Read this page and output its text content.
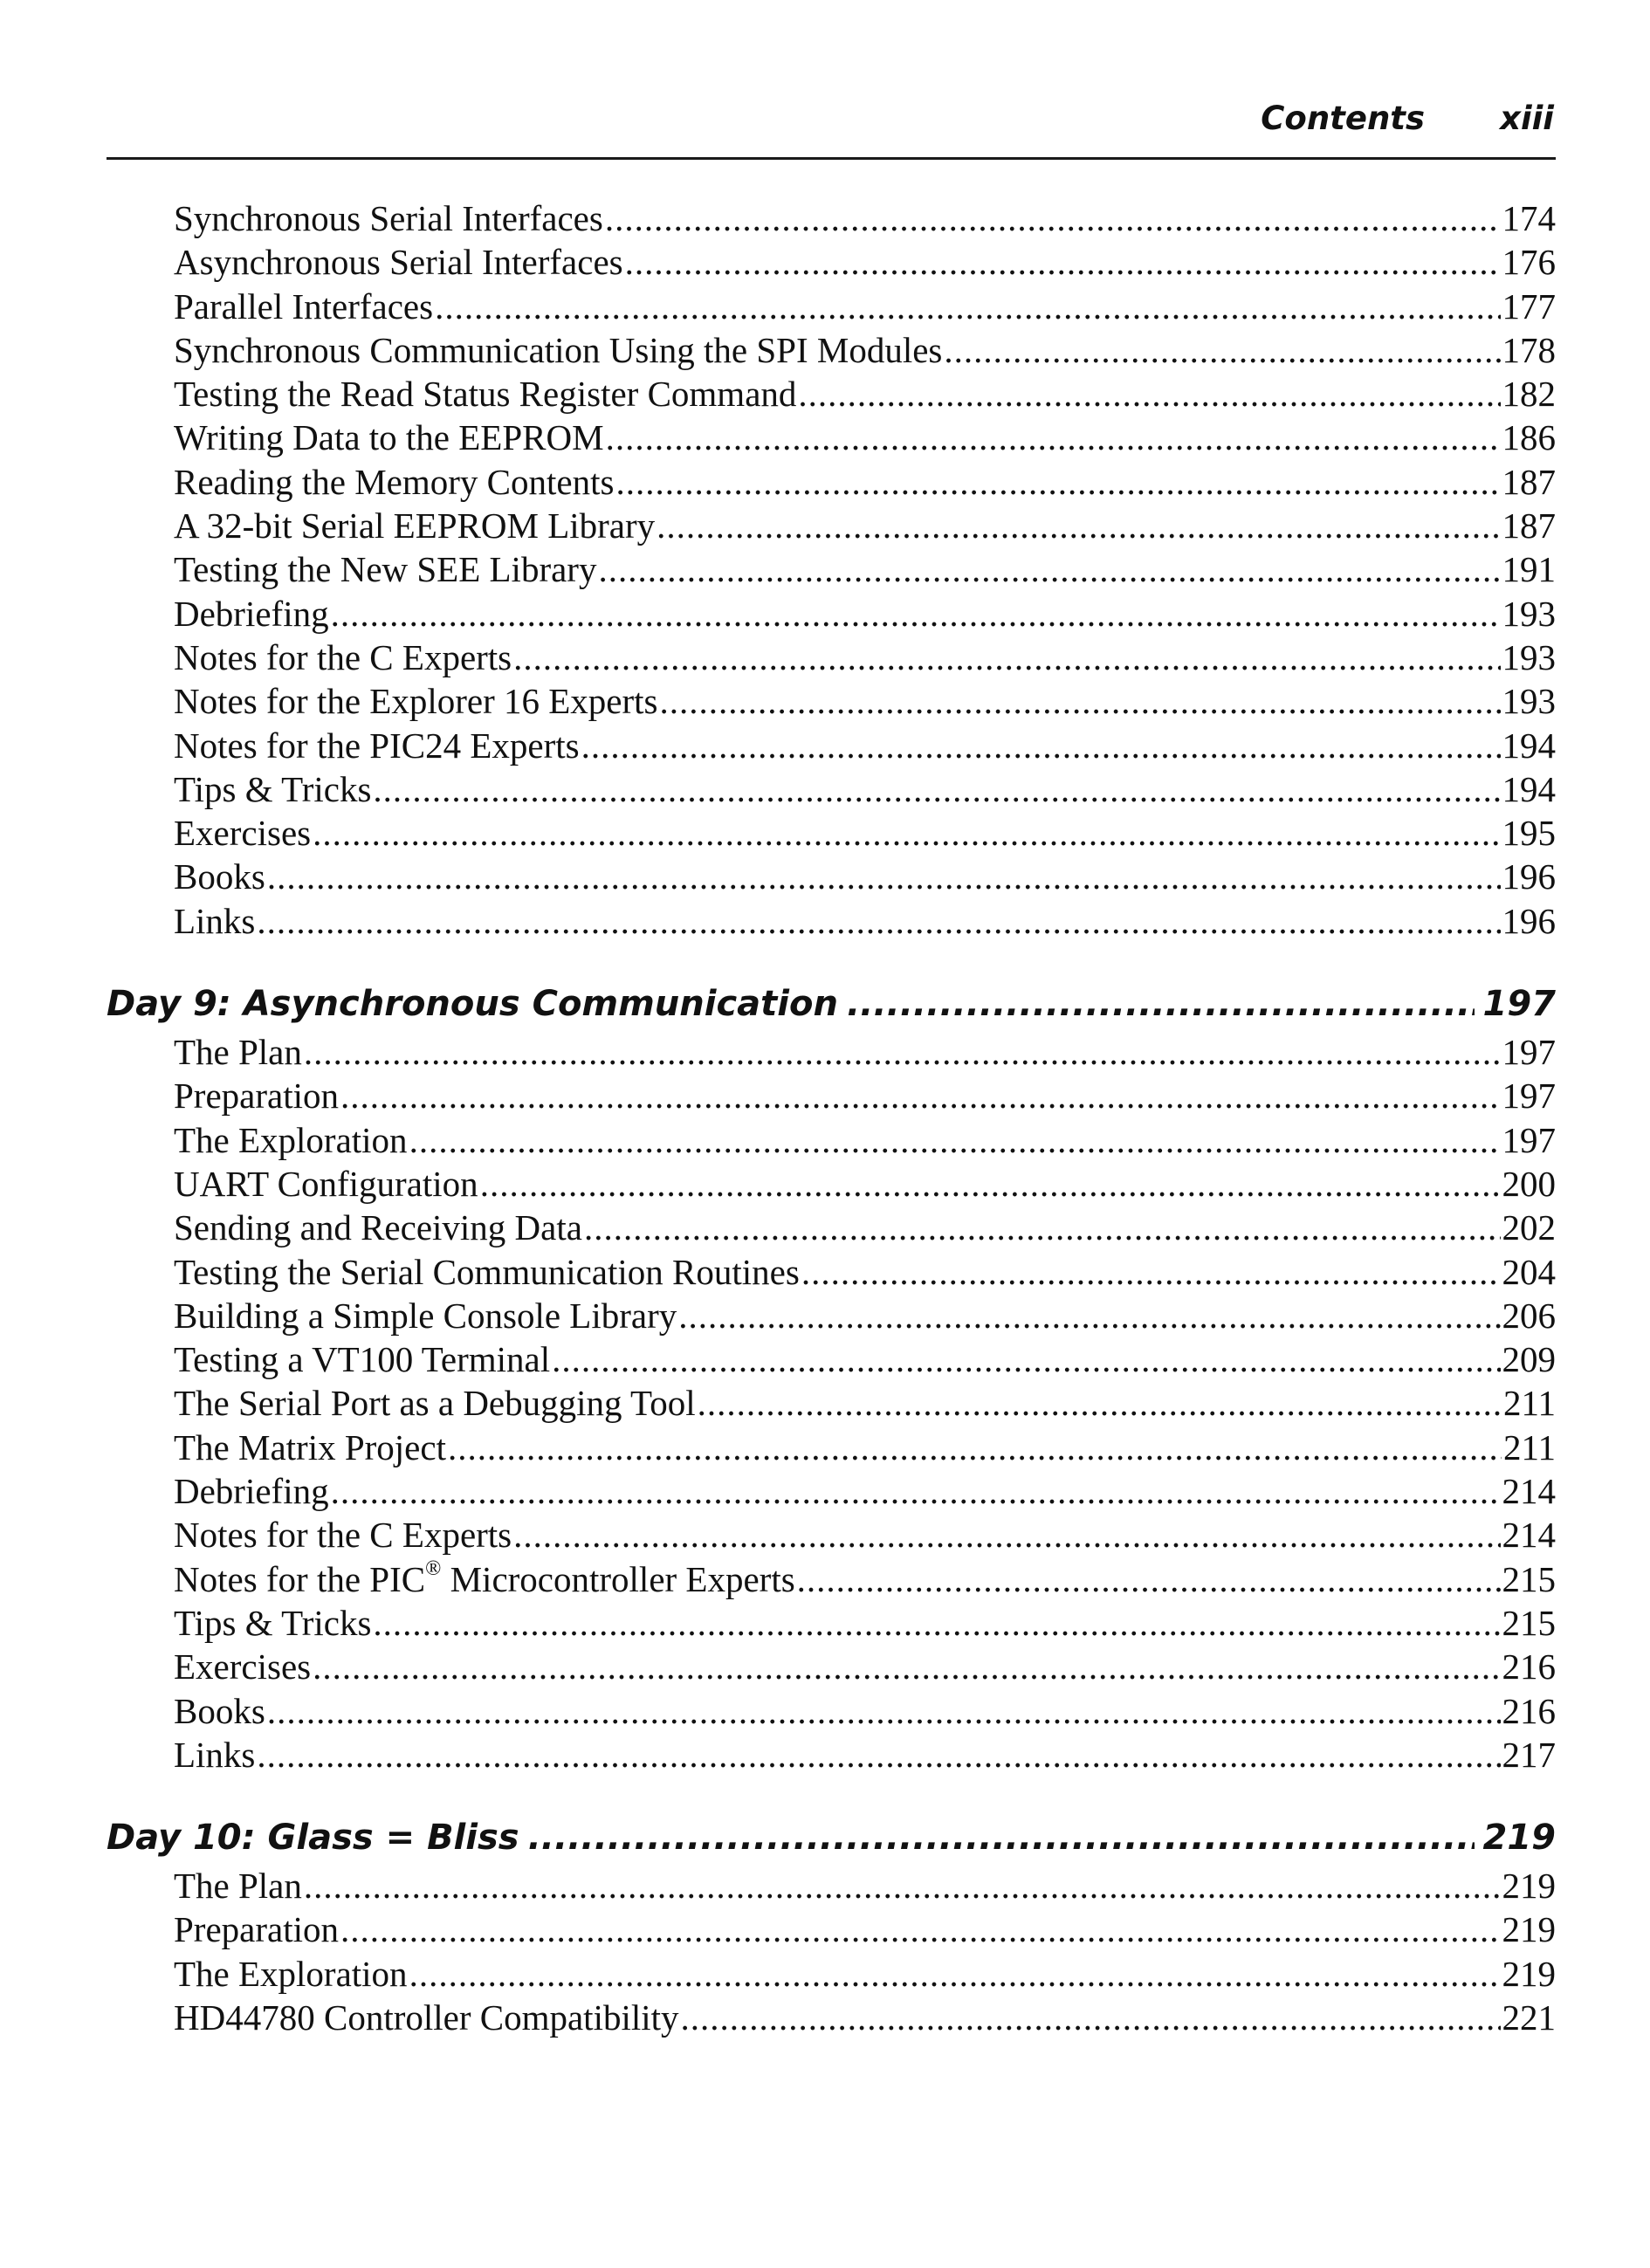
Contents xiii
Synchronous Serial Interfaces .....	174
Asynchronous Serial Interfaces .....	176
Parallel Interfaces .....	177
Synchronous Communication Using the SPI Modules .....	178
Testing the Read Status Register Command .....	182
Writing Data to the EEPROM .....	186
Reading the Memory Contents .....	187
A 32-bit Serial EEPROM Library .....	187
Testing the New SEE Library .....	191
Debriefing .....	193
Notes for the C Experts .....	193
Notes for the Explorer 16 Experts .....	193
Notes for the PIC24 Experts .....	194
Tips & Tricks .....	194
Exercises .....	195
Books .....	196
Links .....	196
Day 9: Asynchronous Communication .....	197
The Plan .....	197
Preparation .....	197
The Exploration .....	197
UART Configuration .....	200
Sending and Receiving Data .....	202
Testing the Serial Communication Routines .....	204
Building a Simple Console Library .....	206
Testing a VT100 Terminal .....	209
The Serial Port as a Debugging Tool .....	211
The Matrix Project .....	211
Debriefing .....	214
Notes for the C Experts .....	214
Notes for the PIC® Microcontroller Experts .....	215
Tips & Tricks .....	215
Exercises .....	216
Books .....	216
Links .....	217
Day 10: Glass = Bliss .....	219
The Plan .....	219
Preparation .....	219
The Exploration .....	219
HD44780 Controller Compatibility .....	221
